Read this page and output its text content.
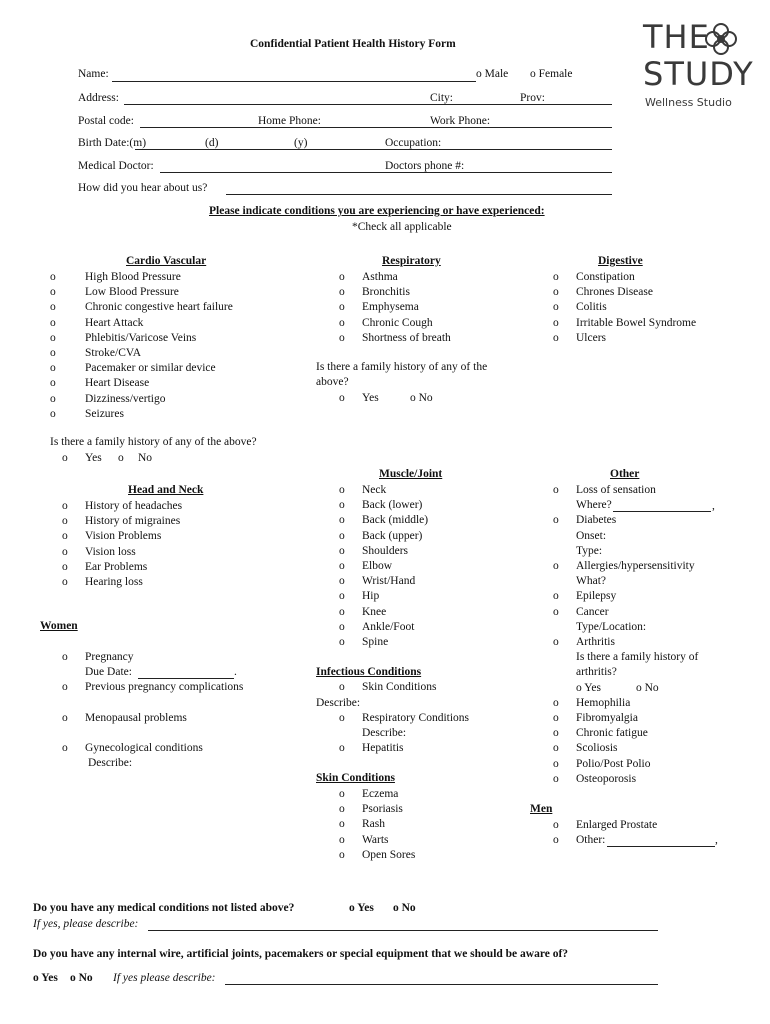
Confidential Patient Health History Form	THE
STUDY
Wellness Studio
Name:	o Male o Female
Address:	City:	Prov:
Postal code:	Home Phone:	Work Phone:
Birth Date:(m)	(d)	(y)	Occupation:
Medical Doctor:	Doctors phone #:
How did you hear about us?
Please indicate conditions you are experiencing or have experienced:
*Check all applicable
Cardio Vascular
o	High Blood Pressure
o	Low Blood Pressure
o	Chronic congestive heart failure
o	Heart Attack
o	Phlebitis/Varicose Veins
o	Stroke/CVA
o	Pacemaker or similar device
o	Heart Disease
o	Dizziness/vertigo
o	Seizures
Is there a family history of any of the above?
o Yes o No
Respiratory
o Asthma
o Bronchitis
o Emphysema
o Chronic Cough
o Shortness of breath
Is there a family history of any of the
above?
o Yes	o No
Digestive
o Constipation
o Chrones Disease
o Colitis
o Irritable Bowel Syndrome
o Ulcers
Head and Neck
o History of headaches
o History of migraines
o Vision Problems
o Vision loss
o Ear Problems
o Hearing loss
Muscle/Joint
o Neck
o Back (lower)
o Back (middle)
o Back (upper)
o Shoulders
o Elbow
o Wrist/Hand
o Hip
o Knee
o Ankle/Foot
o Spine
Other
o Loss of sensation
Where?
o Diabetes
Onset:
Type:
o Allergies/hypersensitivity
What?
o Epilepsy
o Cancer
Type/Location:
o Arthritis
Is there a family history of
arthritis?
o Hemophilia
o Fibromyalgia
o Chronic fatigue
o Scoliosis
o Polio/Post Polio
o Osteoporosis
,
o Yes	o No
Women
o Pregnancy
Due Date:	.
o Previous pregnancy complications
o Menopausal problems
o Gynecological conditions
Describe:
Infectious Conditions
o Skin Conditions
Describe:
o Respiratory Conditions
Describe:
o Hepatitis
Skin Conditions
o Eczema
o Psoriasis
o Rash
o Warts
o Open Sores
Men
o Enlarged Prostate
o Other:	,
Do you have any medical conditions not listed above?	o Yes o No
If yes, please describe:
Do you have any internal wire, artificial joints, pacemakers or special equipment that we should be aware of?
o Yes o No If yes please describe:
